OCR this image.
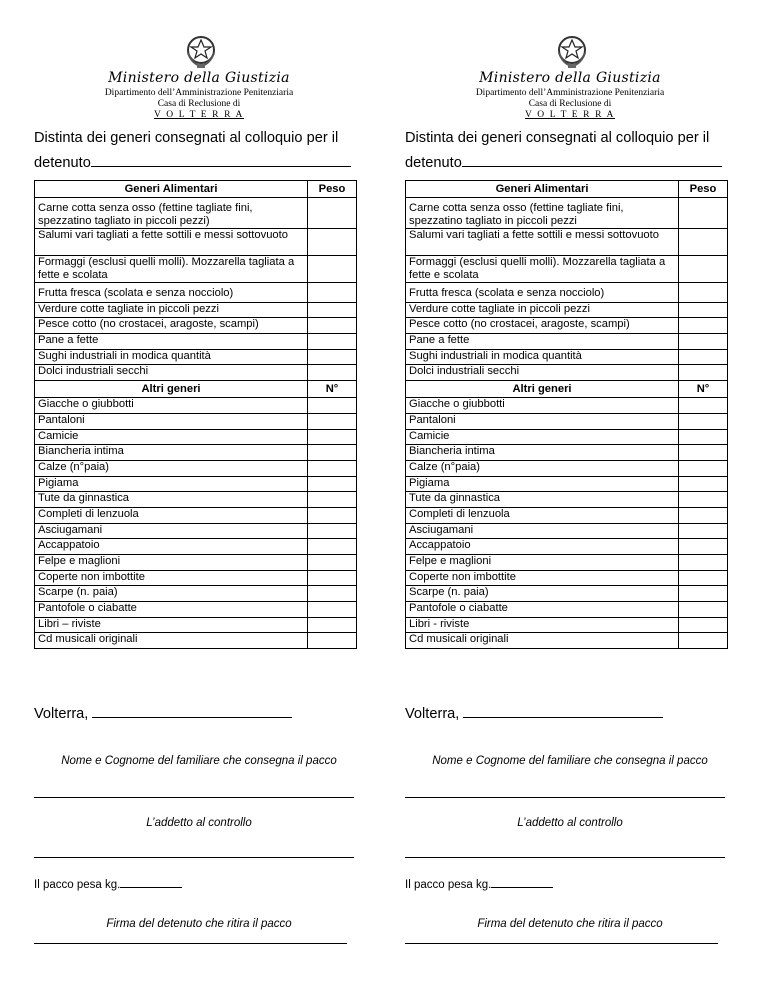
Ministero della Giustizia
Dipartimento dell’Amministrazione Penitenziaria
Casa di Reclusione di
V O L T E R R A
Distinta dei generi consegnati al colloquio per il
detenuto
Generi Alimentari	Peso
Carne cotta senza osso (fettine tagliate fini, spezzatino tagliato in piccoli pezzi)	
Salumi vari tagliati a fette sottili e messi sottovuoto	
Formaggi (esclusi quelli molli). Mozzarella tagliata a fette e scolata	
Frutta fresca (scolata e senza nocciolo)	
Verdure cotte tagliate in piccoli pezzi	
Pesce cotto (no crostacei, aragoste, scampi)	
Pane a fette	
Sughi industriali in modica quantità	
Dolci industriali secchi	
Altri generi	N°
Giacche o giubbotti	
Pantaloni	
Camicie	
Biancheria intima	
Calze (n°paia)	
Pigiama	
Tute da ginnastica	
Completi di lenzuola	
Asciugamani	
Accappatoio	
Felpe e maglioni	
Coperte non imbottite	
Scarpe (n. paia)	
Pantofole o ciabatte	
Libri – riviste	
Cd musicali originali	
Volterra,
Nome e Cognome del familiare che consegna il pacco
L’addetto al controllo
Il pacco pesa kg.
Firma del detenuto che ritira il pacco
Ministero della Giustizia
Dipartimento dell’Amministrazione Penitenziaria
Casa di Reclusione di
V O L T E R R A
Distinta dei generi consegnati al colloquio per il
detenuto
Generi Alimentari	Peso
Carne cotta senza osso (fettine tagliate fini, spezzatino tagliato in piccoli pezzi	
Salumi vari tagliati a fette sottili e messi sottovuoto	
Formaggi (esclusi quelli molli). Mozzarella tagliata a fette e scolata	
Frutta fresca (scolata e senza nocciolo)	
Verdure cotte tagliate in piccoli pezzi	
Pesce cotto (no crostacei, aragoste, scampi)	
Pane a fette	
Sughi industriali in modica quantità	
Dolci industriali secchi	
Altri generi	N°
Giacche o giubbotti	
Pantaloni	
Camicie	
Biancheria intima	
Calze (n°paia)	
Pigiama	
Tute da ginnastica	
Completi di lenzuola	
Asciugamani	
Accappatoio	
Felpe e maglioni	
Coperte non imbottite	
Scarpe (n. paia)	
Pantofole o ciabatte	
Libri - riviste	
Cd musicali originali	
Volterra,
Nome e Cognome del familiare che consegna il pacco
L’addetto al controllo
Il pacco pesa kg.
Firma del detenuto che ritira il pacco
